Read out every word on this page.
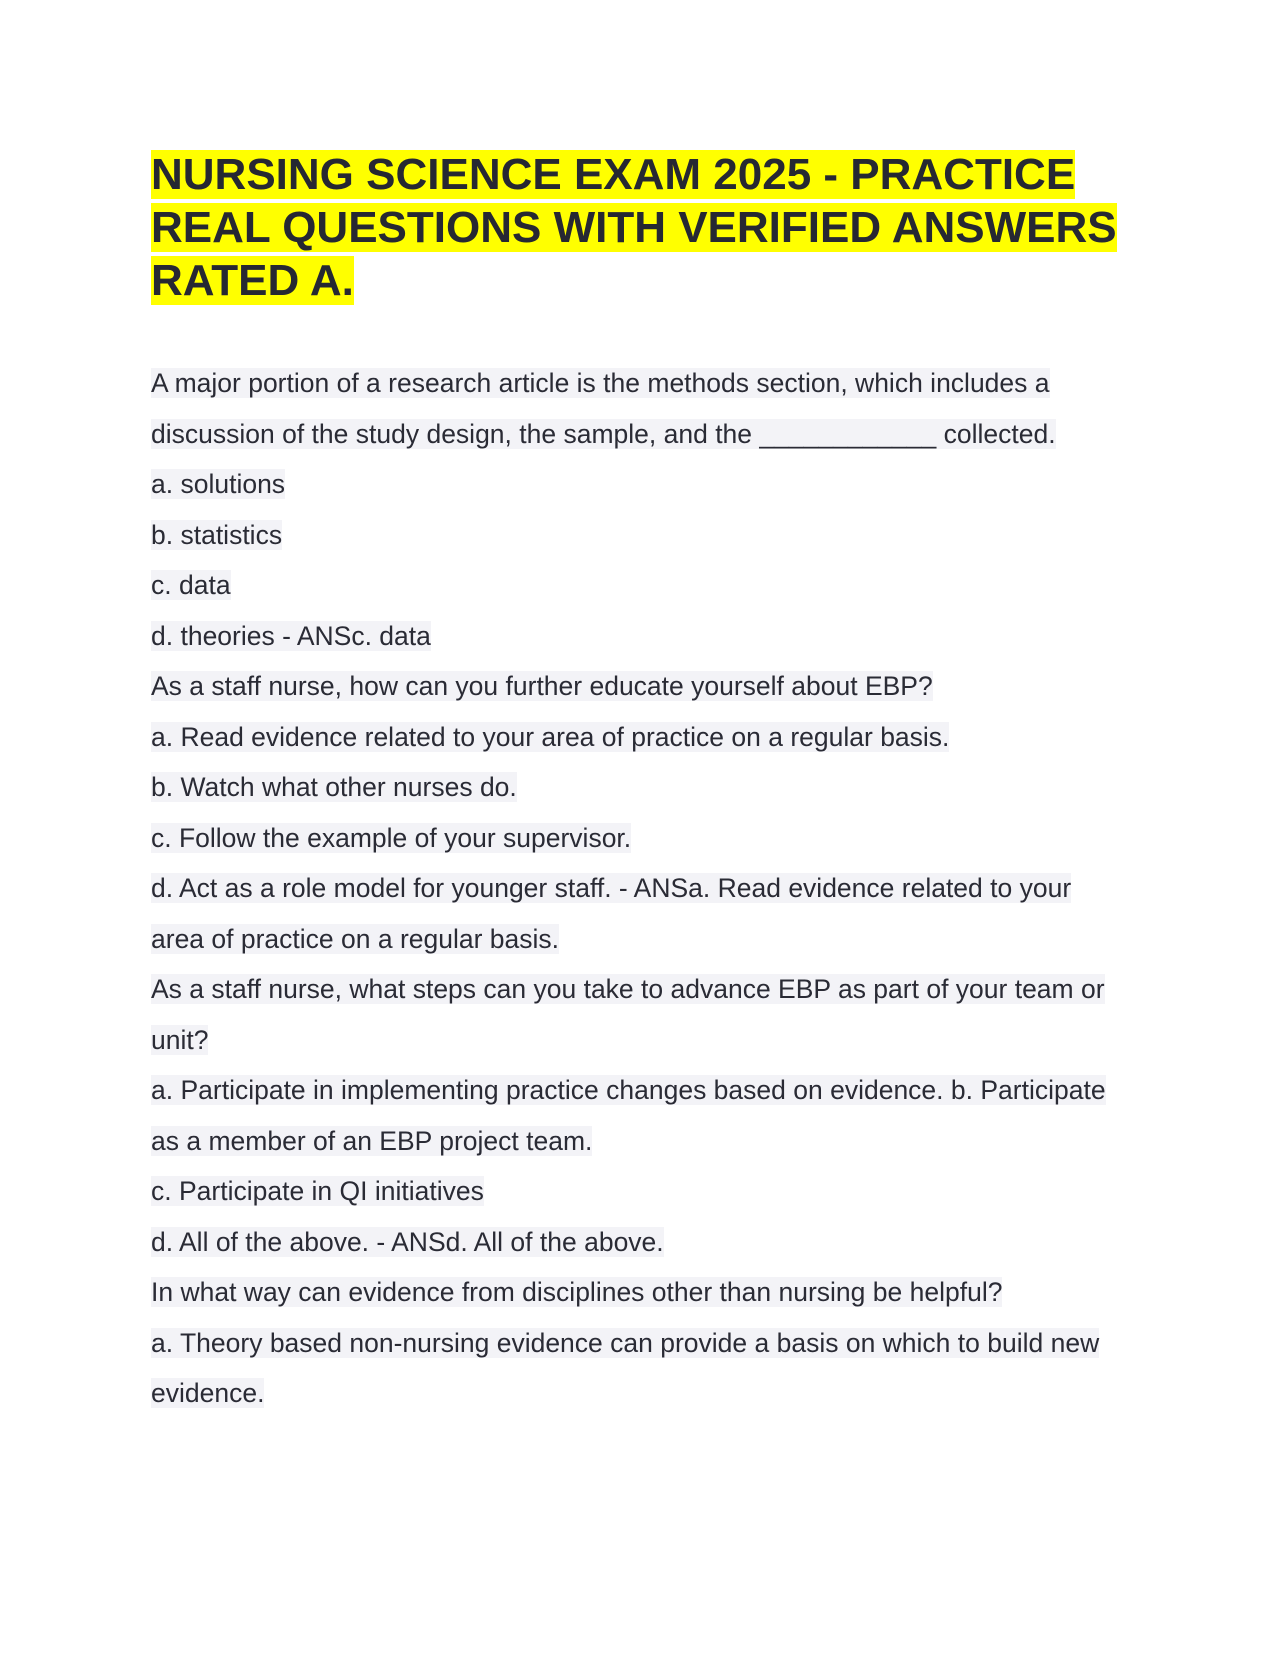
NURSING SCIENCE EXAM 2025 - PRACTICE REAL QUESTIONS WITH VERIFIED ANSWERS RATED A.

A major portion of a research article is the methods section, which includes a discussion of the study design, the sample, and the ____________ collected.

a. solutions

b. statistics

c. data

d. theories - ANSc. data

As a staff nurse, how can you further educate yourself about EBP?

a. Read evidence related to your area of practice on a regular basis.

b. Watch what other nurses do.

c. Follow the example of your supervisor.

d. Act as a role model for younger staff. - ANSa. Read evidence related to your area of practice on a regular basis.

As a staff nurse, what steps can you take to advance EBP as part of your team or unit?

a. Participate in implementing practice changes based on evidence. b. Participate as a member of an EBP project team.

c. Participate in QI initiatives

d. All of the above. - ANSd. All of the above.

In what way can evidence from disciplines other than nursing be helpful?

a. Theory based non-nursing evidence can provide a basis on which to build new evidence.
